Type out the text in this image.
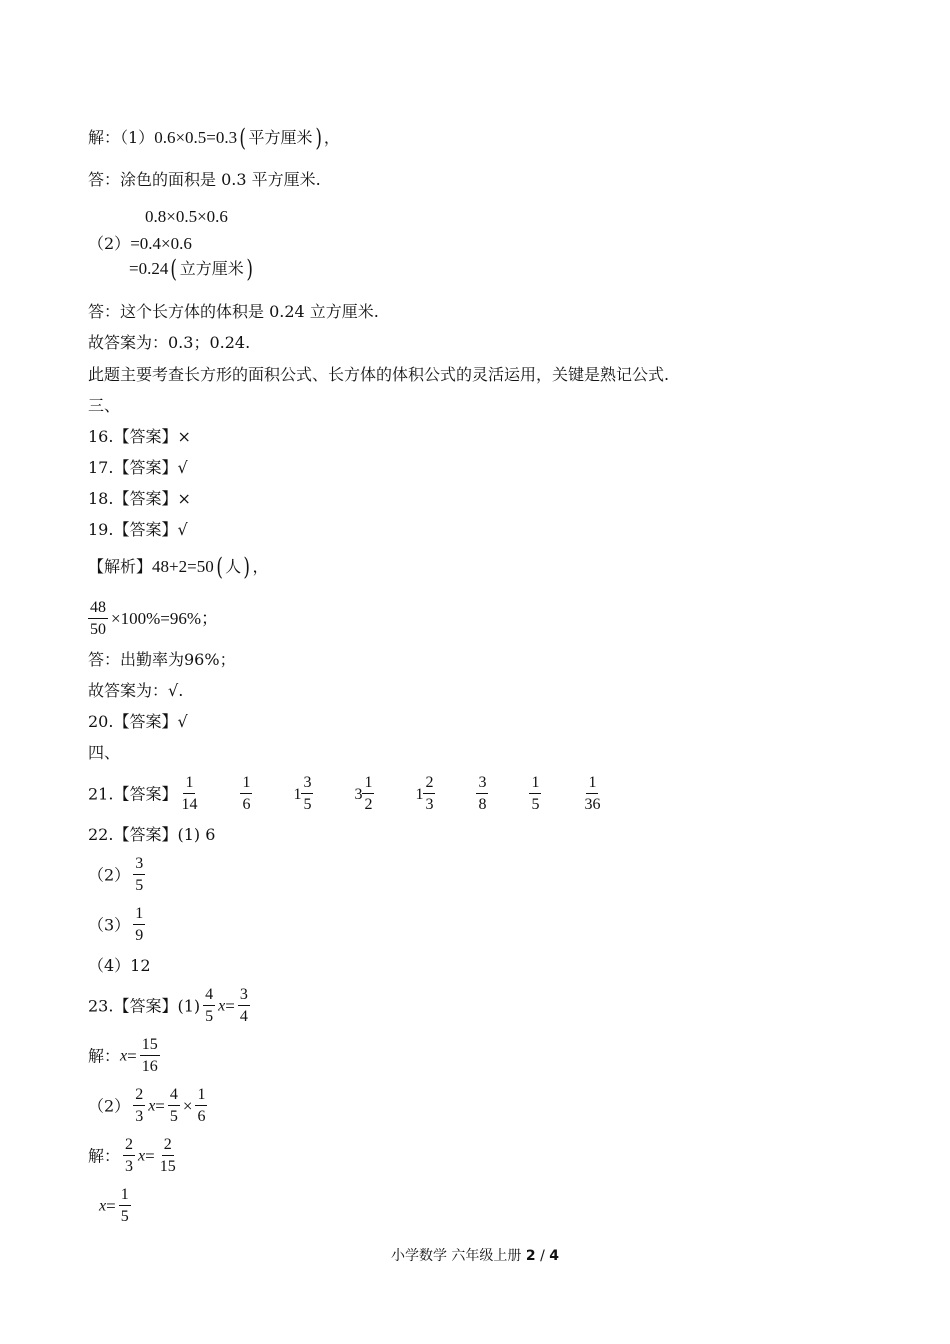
解：（1）0.6×0.5=0.3 ( 平方厘米 ) ，
答：涂色的面积是 0.3 平方厘米.
0.8×0.5×0.6
（2）=0.4×0.6
=0.24 ( 立方厘米 )
答：这个长方体的体积是 0.24 立方厘米.
故答案为：0.3；0.24.
此题主要考查长方形的面积公式、长方体的体积公式的灵活运用，关键是熟记公式.
三、
16.【答案】×
17.【答案】√
18.【答案】×
19.【答案】√
【解析】48+2=50 ( 人 ) ，
$\frac{48}{50} \times 100\%=96\%$；
答：出勤率为96%；
故答案为：√.
20.【答案】√
四、
21.【答案】 $\frac{1}{14}$	$\frac{1}{6}$	$1 \frac{3}{5}$	$3 \frac{1}{2}$	$1 \frac{2}{3}$	$\frac{3}{8}$	$\frac{1}{5}$	$\frac{1}{36}$
22.【答案】(1) 6
$(2) \frac{3}{5}$
$(3) \frac{1}{9}$
（4）12
23.【答案】$(1) \frac{4}{5} x= \frac{3}{4}$
解：$x= \frac{15}{16}$
$(2) \frac{2}{3} x= \frac{4}{5} \times \frac{1}{6}$
解： $\frac{2}{3} x= \frac{2}{15}$
$x= \frac{1}{5}$
小学数学 六年级上册 2 / 4
